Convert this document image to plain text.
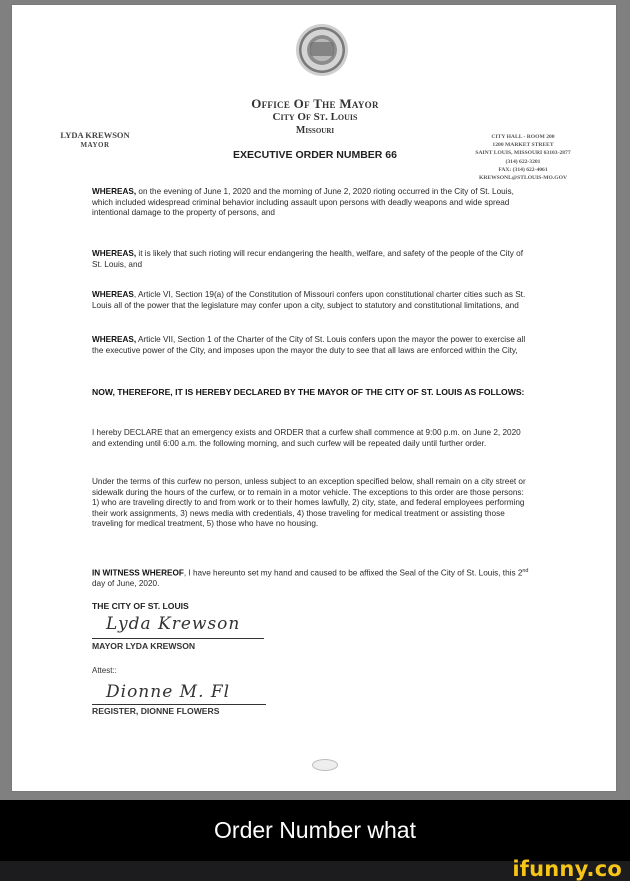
Office Of The Mayor
City Of St. Louis
Missouri
EXECUTIVE ORDER NUMBER 66
LYDA KREWSON
MAYOR
CITY HALL - ROOM 200
1200 MARKET STREET
SAINT LOUIS, MISSOURI 63103-2877
(314) 622-3201
FAX: (314) 622-4061
KREWSONL@STLOUIS-MO.GOV
WHEREAS, on the evening of June 1, 2020 and the morning of June 2, 2020 rioting occurred in the City of St. Louis, which included widespread criminal behavior including assault upon persons with deadly weapons and wide spread intentional damage to the property of persons, and
WHEREAS, it is likely that such rioting will recur endangering the health, welfare, and safety of the people of the City of St. Louis, and
WHEREAS, Article VI, Section 19(a) of the Constitution of Missouri confers upon constitutional charter cities such as St. Louis all of the power that the legislature may confer upon a city, subject to statutory and constitutional limitations, and
WHEREAS, Article VII, Section 1 of the Charter of the City of St. Louis confers upon the mayor the power to exercise all the executive power of the City, and imposes upon the mayor the duty to see that all laws are enforced within the City,
NOW, THEREFORE, IT IS HEREBY DECLARED BY THE MAYOR OF THE CITY OF ST. LOUIS AS FOLLOWS:
I hereby DECLARE that an emergency exists and ORDER that a curfew shall commence at 9:00 p.m. on June 2, 2020 and extending until 6:00 a.m. the following morning, and such curfew will be repeated daily until further order.
Under the terms of this curfew no person, unless subject to an exception specified below, shall remain on a city street or sidewalk during the hours of the curfew, or to remain in a motor vehicle. The exceptions to this order are those persons: 1) who are traveling directly to and from work or to their homes lawfully, 2) city, state, and federal employees performing their work assignments, 3) news media with credentials, 4) those traveling for medical treatment or assisting those traveling for medical treatment, 5) those who have no housing.
IN WITNESS WHEREOF, I have hereunto set my hand and caused to be affixed the Seal of the City of St. Louis, this 2nd day of June, 2020.
THE CITY OF ST. LOUIS
Lyda Krewson
MAYOR LYDA KREWSON
Attest::
Dionne M. Fl
REGISTER, DIONNE FLOWERS
Order Number what
ifunny.co
